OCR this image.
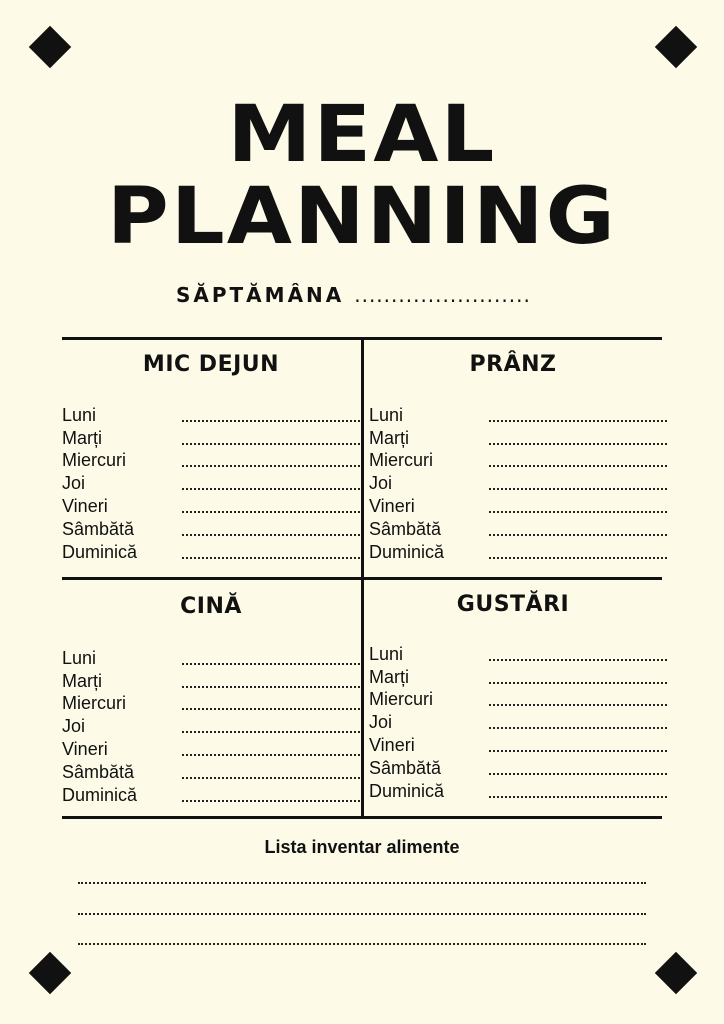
MEAL
PLANNING
SĂPTĂMÂNA ........................
MIC DEJUN
Luni
Marți
Miercuri
Joi
Vineri
Sâmbătă
Duminică
PRÂNZ
Luni
Marți
Miercuri
Joi
Vineri
Sâmbătă
Duminică
CINĂ
Luni
Marți
Miercuri
Joi
Vineri
Sâmbătă
Duminică
GUSTĂRI
Luni
Marți
Miercuri
Joi
Vineri
Sâmbătă
Duminică
Lista inventar alimente
